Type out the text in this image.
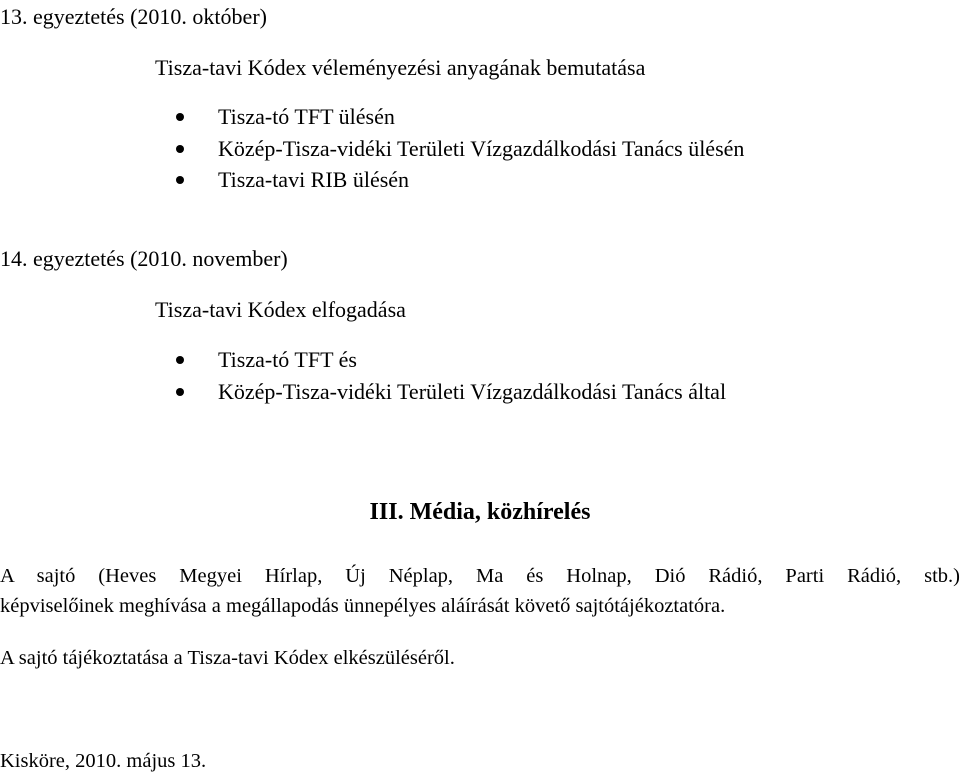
13. egyeztetés (2010. október)
Tisza-tavi Kódex véleményezési anyagának bemutatása
Tisza-tó TFT ülésén
Közép-Tisza-vidéki Területi Vízgazdálkodási Tanács ülésén
Tisza-tavi RIB ülésén
14. egyeztetés (2010. november)
Tisza-tavi Kódex elfogadása
Tisza-tó TFT és
Közép-Tisza-vidéki Területi Vízgazdálkodási Tanács által
III. Média, közhírelés
A sajtó (Heves Megyei Hírlap, Új Néplap, Ma és Holnap, Dió Rádió, Parti Rádió, stb.)
képviselőinek meghívása a megállapodás ünnepélyes aláírását követő sajtótájékoztatóra.
A sajtó tájékoztatása a Tisza-tavi Kódex elkészüléséről.
Kisköre, 2010. május 13.
